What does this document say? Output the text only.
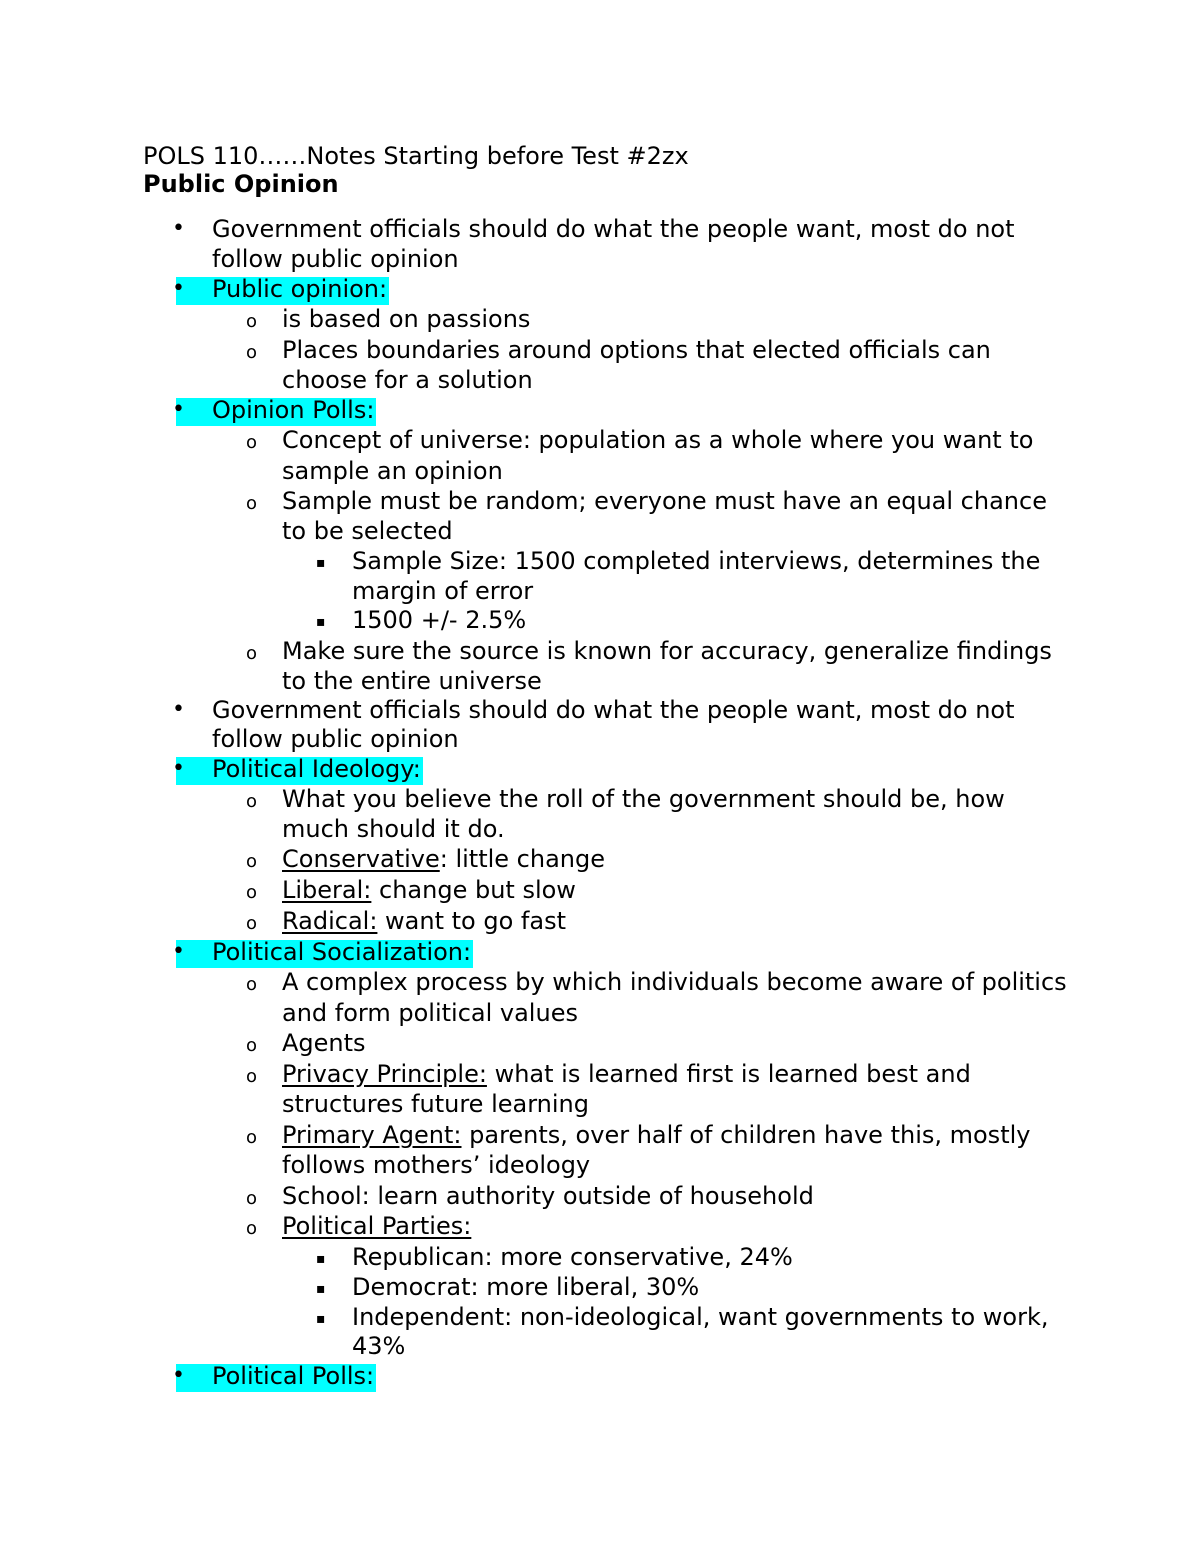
POLS 110……Notes Starting before Test #2zx
Public Opinion
• Government officials should do what the people want, most do not
follow public opinion
• Public opinion:
o is based on passions
o Places boundaries around options that elected officials can
choose for a solution
• Opinion Polls:
o Concept of universe: population as a whole where you want to
sample an opinion
o Sample must be random; everyone must have an equal chance
to be selected
▪ Sample Size: 1500 completed interviews, determines the
margin of error
▪ 1500 +/- 2.5%
o Make sure the source is known for accuracy, generalize findings
to the entire universe
• Government officials should do what the people want, most do not
follow public opinion
• Political Ideology:
o What you believe the roll of the government should be, how
much should it do.
o Conservative: little change
o Liberal: change but slow
o Radical: want to go fast
• Political Socialization:
o A complex process by which individuals become aware of politics
and form political values
o Agents
o Privacy Principle: what is learned first is learned best and
structures future learning
o Primary Agent: parents, over half of children have this, mostly
follows mothers’ ideology
o School: learn authority outside of household
o Political Parties:
▪ Republican: more conservative, 24%
▪ Democrat: more liberal, 30%
▪ Independent: non-ideological, want governments to work,
43%
• Political Polls:
